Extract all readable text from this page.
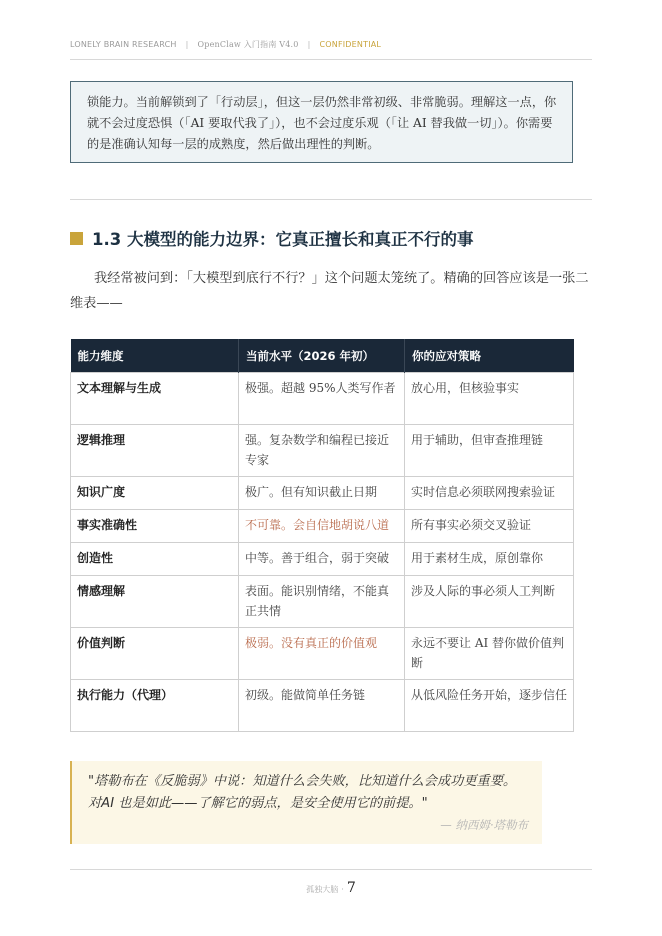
LONELY BRAIN RESEARCH | OpenClaw 入门指南 V4.0 | CONFIDENTIAL
锁能力。当前解锁到了「行动层」，但这一层仍然非常初级、非常脆弱。理解这一点，你就不会过度恐惧（「AI 要取代我了」），也不会过度乐观（「让 AI 替我做一切」）。你需要的是准确认知每一层的成熟度，然后做出理性的判断。
1.3 大模型的能力边界：它真正擅长和真正不行的事
我经常被问到：「大模型到底行不行？」这个问题太笼统了。精确的回答应该是一张二维表——
能力维度	当前水平（2026 年初）	你的应对策略
文本理解与生成	极强。超越 95%人类写作者	放心用，但核验事实
逻辑推理	强。复杂数学和编程已接近专家	用于辅助，但审查推理链
知识广度	极广。但有知识截止日期	实时信息必须联网搜索验证
事实准确性	不可靠。会自信地胡说八道	所有事实必须交叉验证
创造性	中等。善于组合，弱于突破	用于素材生成，原创靠你
情感理解	表面。能识别情绪，不能真正共情	涉及人际的事必须人工判断
价值判断	极弱。没有真正的价值观	永远不要让 AI 替你做价值判断
执行能力（代理）	初级。能做简单任务链	从低风险任务开始，逐步信任
"塔勒布在《反脆弱》中说：知道什么会失败，比知道什么会成功更重要。对AI 也是如此——了解它的弱点，是安全使用它的前提。"
— 纳西姆·塔勒布
孤独大脑 · 7
